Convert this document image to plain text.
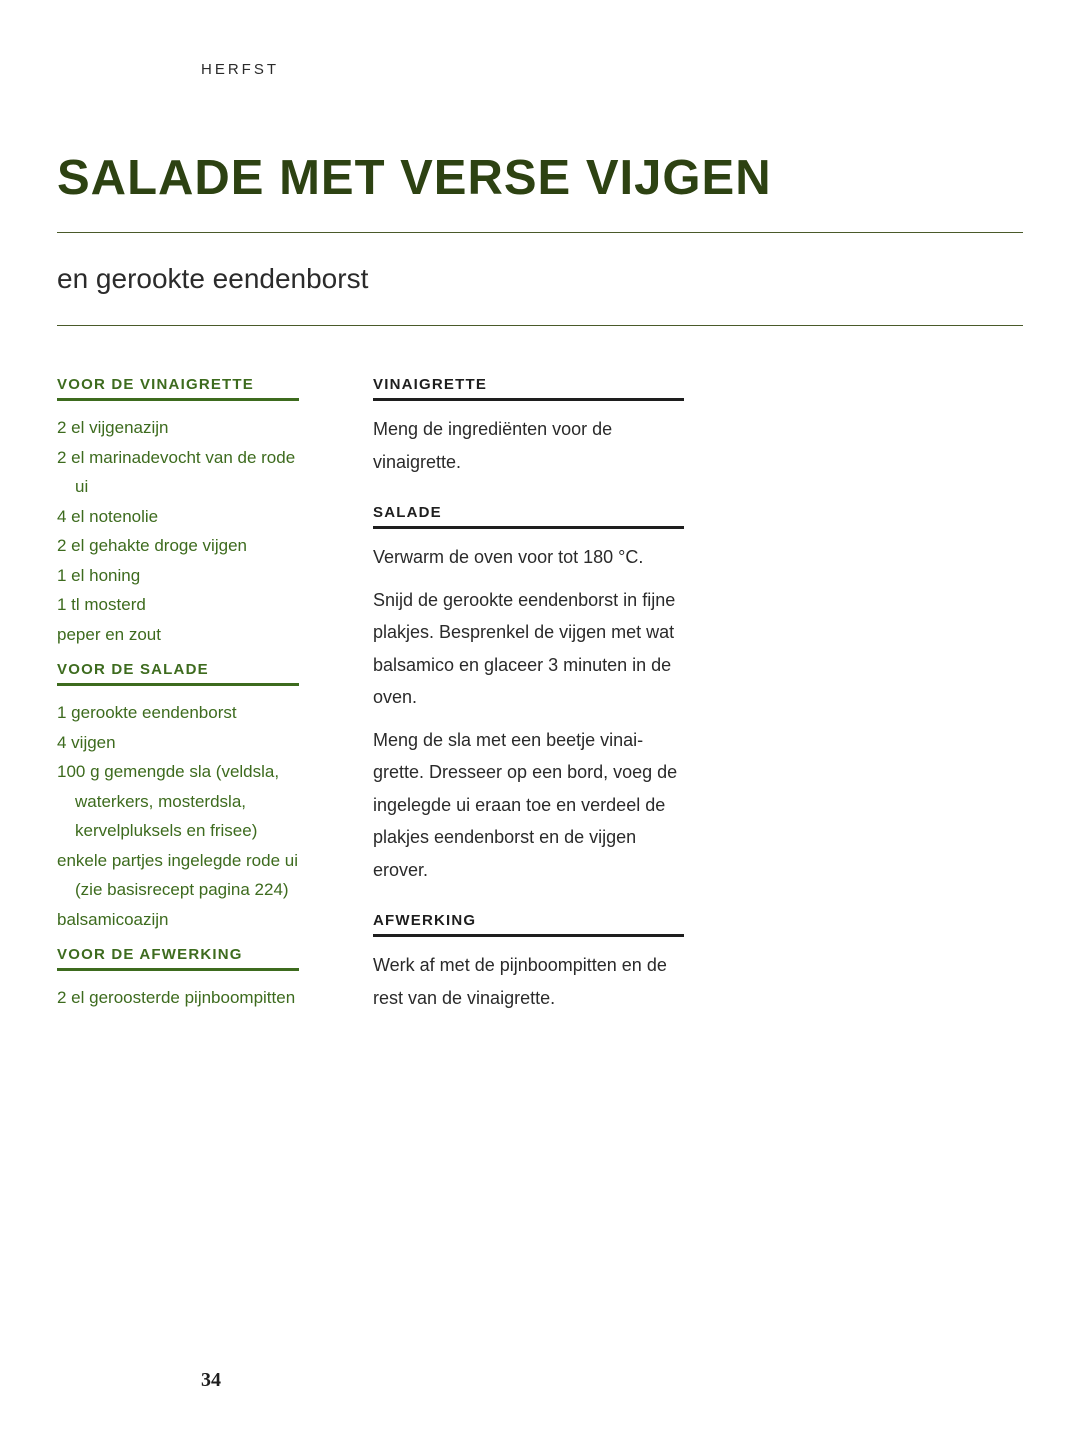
HERFST
SALADE MET VERSE VIJGEN
en gerookte eendenborst
VOOR DE VINAIGRETTE
2 el vijgenazijn
2 el marinadevocht van de rode ui
4 el notenolie
2 el gehakte droge vijgen
1 el honing
1 tl mosterd
peper en zout
VOOR DE SALADE
1 gerookte eendenborst
4 vijgen
100 g gemengde sla (veldsla, waterkers, mosterdsla, kervelpluksels en frisee)
enkele partjes ingelegde rode ui (zie basisrecept pagina 224)
balsamicoazijn
VOOR DE AFWERKING
2 el geroosterde pijnboompitten
VINAIGRETTE

Meng de ingrediënten voor de vinaigrette.

SALADE

Verwarm de oven voor tot 180 °C.

Snijd de gerookte eendenborst in fijne plakjes. Besprenkel de vijgen met wat balsamico en glaceer 3 minuten in de oven.

Meng de sla met een beetje vinaigrette. Dresseer op een bord, voeg de ingelegde ui eraan toe en verdeel de plakjes eendenborst en de vijgen erover.

AFWERKING

Werk af met de pijnboompitten en de rest van de vinaigrette.

34
